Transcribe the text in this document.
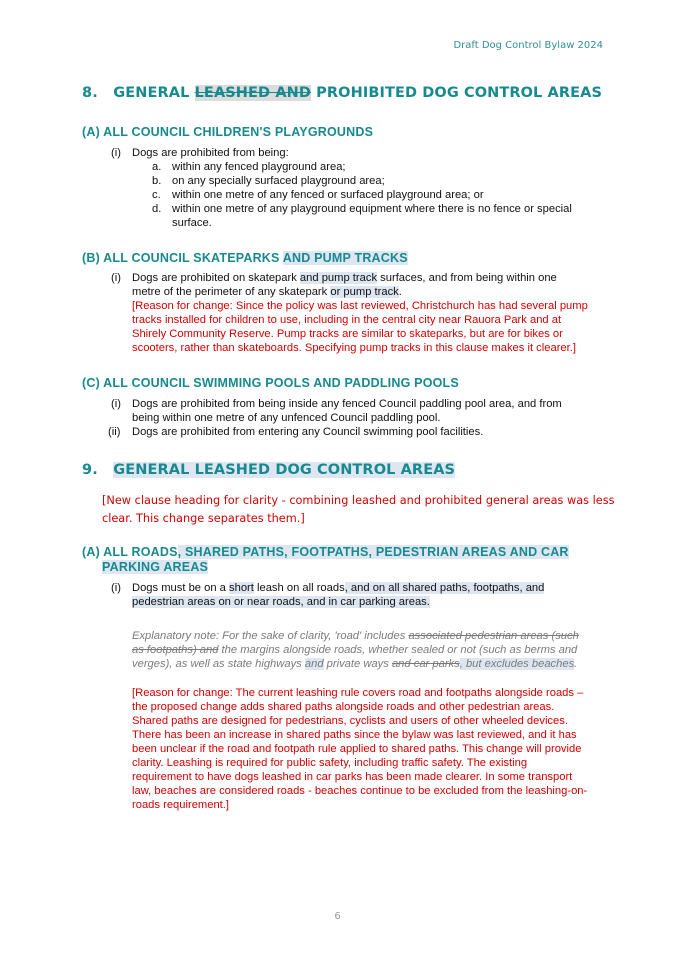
Draft Dog Control Bylaw 2024
8. GENERAL LEASHED AND PROHIBITED DOG CONTROL AREAS
(A) ALL COUNCIL CHILDREN'S PLAYGROUNDS
(i) Dogs are prohibited from being:
a. within any fenced playground area;
b. on any specially surfaced playground area;
c. within one metre of any fenced or surfaced playground area; or
d. within one metre of any playground equipment where there is no fence or special
surface.
(B) ALL COUNCIL SKATEPARKS AND PUMP TRACKS
(i) Dogs are prohibited on skatepark and pump track surfaces, and from being within one
metre of the perimeter of any skatepark or pump track.
[Reason for change: Since the policy was last reviewed, Christchurch has had several pump
tracks installed for children to use, including in the central city near Rauora Park and at
Shirely Community Reserve. Pump tracks are similar to skateparks, but are for bikes or
scooters, rather than skateboards. Specifying pump tracks in this clause makes it clearer.]
(C) ALL COUNCIL SWIMMING POOLS AND PADDLING POOLS
(i) Dogs are prohibited from being inside any fenced Council paddling pool area, and from
being within one metre of any unfenced Council paddling pool.
(ii) Dogs are prohibited from entering any Council swimming pool facilities.
9. GENERAL LEASHED DOG CONTROL AREAS
[New clause heading for clarity - combining leashed and prohibited general areas was less
clear. This change separates them.]
(A) ALL ROADS, SHARED PATHS, FOOTPATHS, PEDESTRIAN AREAS AND CAR
PARKING AREAS
(i) Dogs must be on a short leash on all roads, and on all shared paths, footpaths, and
pedestrian areas on or near roads, and in car parking areas.
Explanatory note: For the sake of clarity, 'road' includes associated pedestrian areas (such
as footpaths) and the margins alongside roads, whether sealed or not (such as berms and
verges), as well as state highways and private ways and car parks, but excludes beaches.
[Reason for change: The current leashing rule covers road and footpaths alongside roads –
the proposed change adds shared paths alongside roads and other pedestrian areas.
Shared paths are designed for pedestrians, cyclists and users of other wheeled devices.
There has been an increase in shared paths since the bylaw was last reviewed, and it has
been unclear if the road and footpath rule applied to shared paths. This change will provide
clarity. Leashing is required for public safety, including traffic safety. The existing
requirement to have dogs leashed in car parks has been made clearer. In some transport
law, beaches are considered roads - beaches continue to be excluded from the leashing-on-
roads requirement.]
6
